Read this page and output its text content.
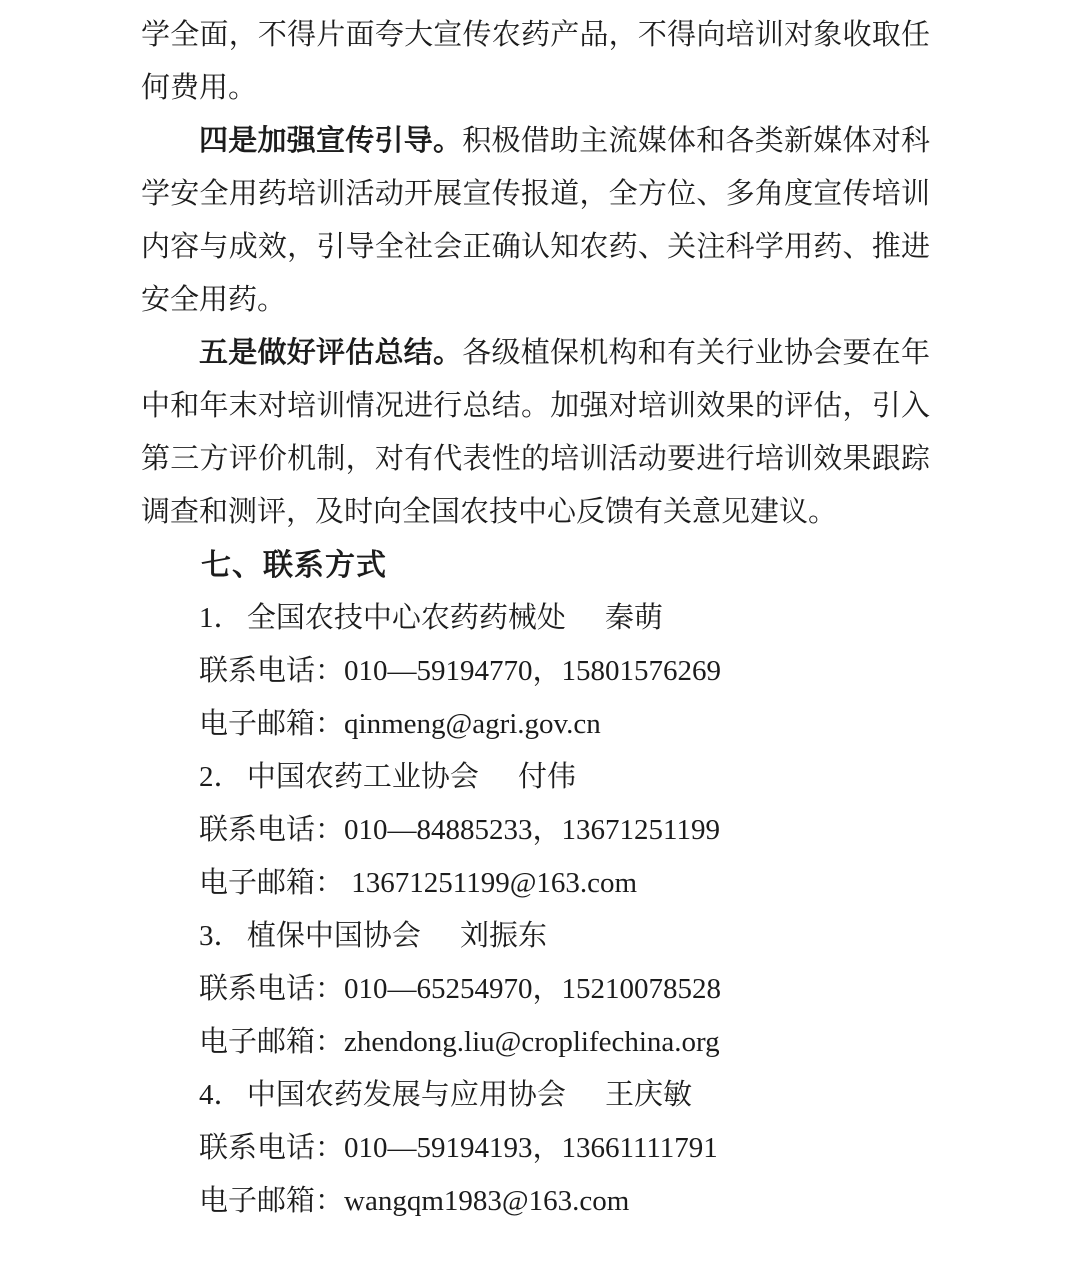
学全面，不得片面夸大宣传农药产品，不得向培训对象收取任何费用。

四是加强宣传引导。积极借助主流媒体和各类新媒体对科学安全用药培训活动开展宣传报道，全方位、多角度宣传培训内容与成效，引导全社会正确认知农药、关注科学用药、推进安全用药。

五是做好评估总结。各级植保机构和有关行业协会要在年中和年末对培训情况进行总结。加强对培训效果的评估，引入第三方评价机制，对有代表性的培训活动要进行培训效果跟踪调查和测评，及时向全国农技中心反馈有关意见建议。

七、联系方式

1． 全国农技中心农药药械处 秦萌

联系电话：010—59194770，15801576269

电子邮箱：qinmeng@agri.gov.cn

2． 中国农药工业协会 付伟

联系电话：010—84885233，13671251199

电子邮箱： 13671251199@163.com

3． 植保中国协会 刘振东

联系电话：010—65254970，15210078528

电子邮箱：zhendong.liu@croplifechina.org

4． 中国农药发展与应用协会 王庆敏

联系电话：010—59194193，13661111791

电子邮箱：wangqm1983@163.com
